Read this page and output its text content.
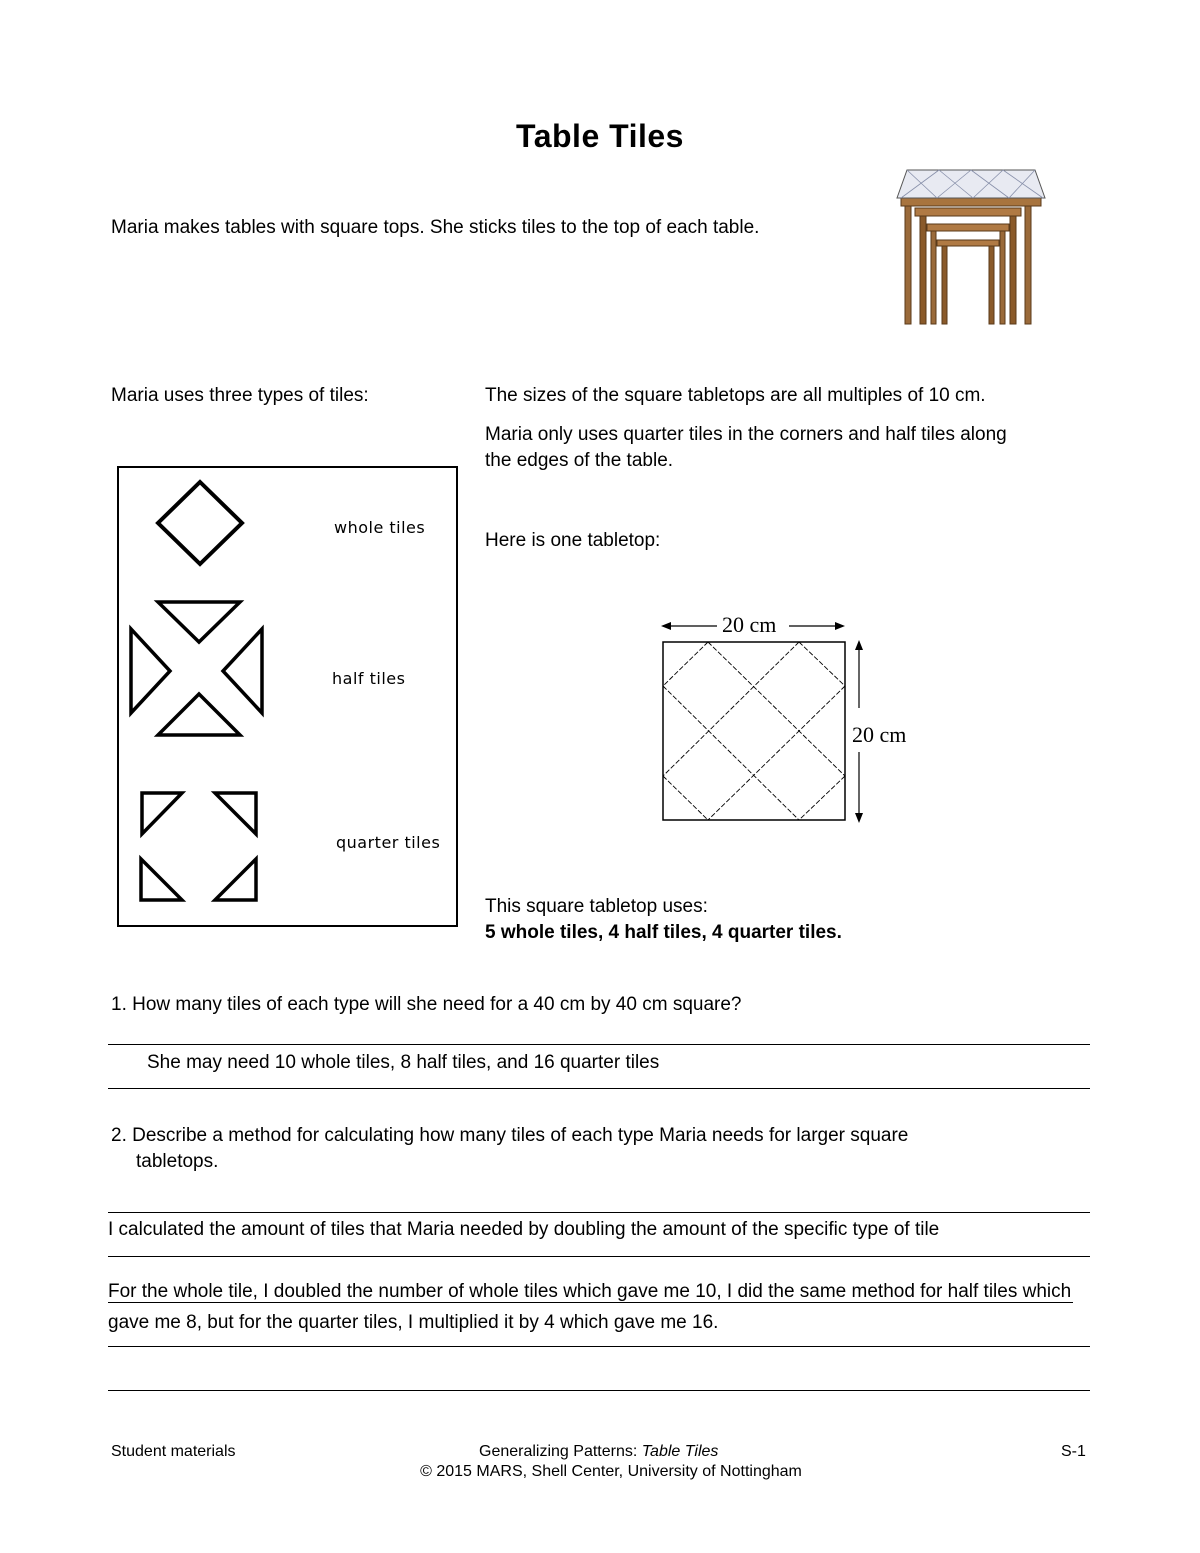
Table Tiles
Maria makes tables with square tops. She sticks tiles to the top of each table.
Maria uses three types of tiles:
whole tiles
half tiles
quarter tiles
The sizes of the square tabletops are all multiples of 10 cm.
Maria only uses quarter tiles in the corners and half tiles along
the edges of the table.
Here is one tabletop:
20 cm
20 cm
This square tabletop uses:
5 whole tiles, 4 half tiles, 4 quarter tiles.
1. How many tiles of each type will she need for a 40 cm by 40 cm square?
She may need 10 whole tiles, 8 half tiles, and 16 quarter tiles
2. Describe a method for calculating how many tiles of each type Maria needs for larger square
tabletops.
I calculated the amount of tiles that Maria needed by doubling the amount of the specific type of tile
For the whole tile, I doubled the number of whole tiles which gave me 10, I did the same method for half tiles which
gave me 8, but for the quarter tiles, I multiplied it by 4 which gave me 16.
Student materials	Generalizing Patterns: Table Tiles	S-1
© 2015 MARS, Shell Center, University of Nottingham
